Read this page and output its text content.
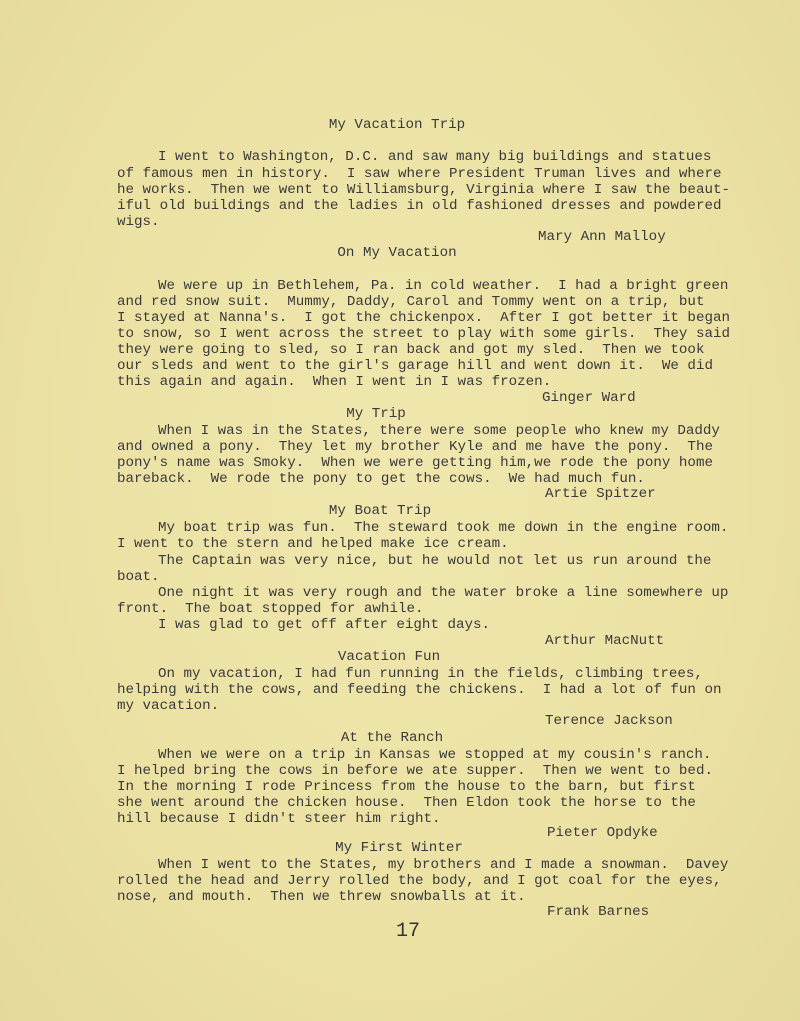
My Vacation Trip
I went to Washington, D.C. and saw many big buildings and statues
of famous men in history.  I saw where President Truman lives and where
he works.  Then we went to Williamsburg, Virginia where I saw the beaut-
iful old buildings and the ladies in old fashioned dresses and powdered
wigs.
Mary Ann Malloy
On My Vacation
We were up in Bethlehem, Pa. in cold weather.  I had a bright green
and red snow suit.  Mummy, Daddy, Carol and Tommy went on a trip, but
I stayed at Nanna's.  I got the chickenpox.  After I got better it began
to snow, so I went across the street to play with some girls.  They said
they were going to sled, so I ran back and got my sled.  Then we took
our sleds and went to the girl's garage hill and went down it.  We did
this again and again.  When I went in I was frozen.
Ginger Ward
My Trip
When I was in the States, there were some people who knew my Daddy
and owned a pony.  They let my brother Kyle and me have the pony.  The
pony's name was Smoky.  When we were getting him,we rode the pony home
bareback.  We rode the pony to get the cows.  We had much fun.
Artie Spitzer
My Boat Trip
My boat trip was fun.  The steward took me down in the engine room.
I went to the stern and helped make ice cream.
The Captain was very nice, but he would not let us run around the
boat.
One night it was very rough and the water broke a line somewhere up
front.  The boat stopped for awhile.
I was glad to get off after eight days.
Arthur MacNutt
Vacation Fun
On my vacation, I had fun running in the fields, climbing trees,
helping with the cows, and feeding the chickens.  I had a lot of fun on
my vacation.
Terence Jackson
At the Ranch
When we were on a trip in Kansas we stopped at my cousin's ranch.
I helped bring the cows in before we ate supper.  Then we went to bed.
In the morning I rode Princess from the house to the barn, but first
she went around the chicken house.  Then Eldon took the horse to the
hill because I didn't steer him right.
Pieter Opdyke
My First Winter
When I went to the States, my brothers and I made a snowman.  Davey
rolled the head and Jerry rolled the body, and I got coal for the eyes,
nose, and mouth.  Then we threw snowballs at it.
Frank Barnes
17
